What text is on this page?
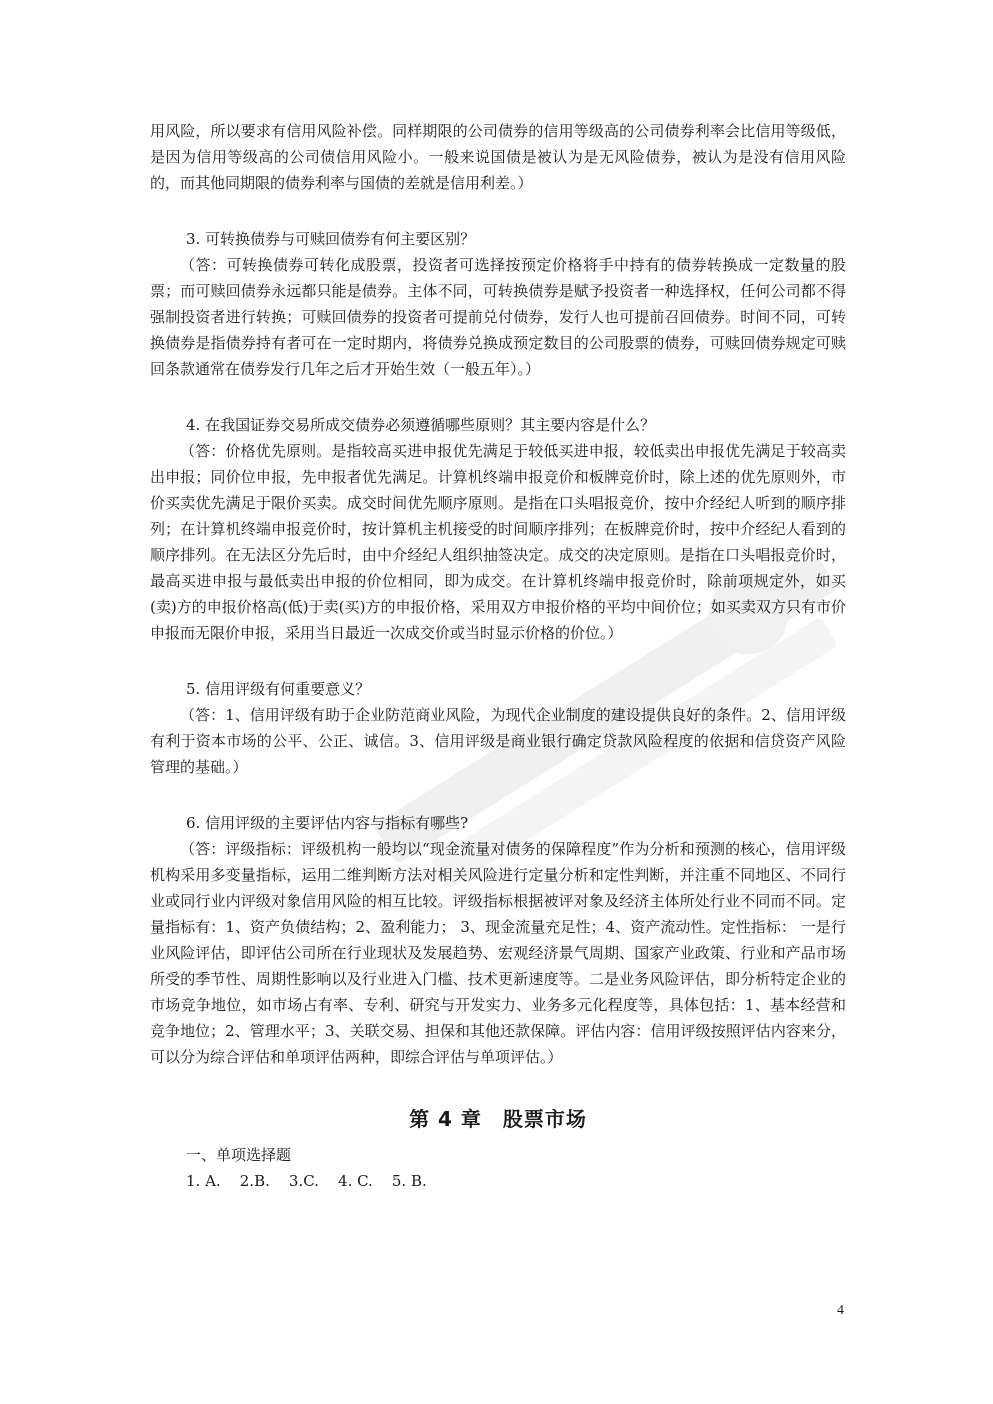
用风险，所以要求有信用风险补偿。同样期限的公司债券的信用等级高的公司债券利率会比信用等级低，是因为信用等级高的公司债信用风险小。一般来说国债是被认为是无风险债券，被认为是没有信用风险的，而其他同期限的债券利率与国债的差就是信用利差。）

3. 可转换债券与可赎回债券有何主要区别？

（答：可转换债券可转化成股票，投资者可选择按预定价格将手中持有的债券转换成一定数量的股票；而可赎回债券永远都只能是债券。主体不同，可转换债券是赋予投资者一种选择权，任何公司都不得强制投资者进行转换；可赎回债券的投资者可提前兑付债券，发行人也可提前召回债券。时间不同，可转换债券是指债券持有者可在一定时期内，将债券兑换成预定数目的公司股票的债券，可赎回债券规定可赎回条款通常在债券发行几年之后才开始生效（一般五年）。）

4. 在我国证券交易所成交债券必须遵循哪些原则？其主要内容是什么？

（答：价格优先原则。是指较高买进申报优先满足于较低买进申报，较低卖出申报优先满足于较高卖出申报；同价位申报，先申报者优先满足。计算机终端申报竞价和板牌竞价时，除上述的优先原则外，市价买卖优先满足于限价买卖。成交时间优先顺序原则。是指在口头唱报竞价，按中介经纪人听到的顺序排列；在计算机终端申报竞价时，按计算机主机接受的时间顺序排列；在板牌竞价时，按中介经纪人看到的顺序排列。在无法区分先后时，由中介经纪人组织抽签决定。成交的决定原则。是指在口头唱报竞价时，最高买进申报与最低卖出申报的价位相同，即为成交。在计算机终端申报竞价时，除前项规定外，如买(卖)方的申报价格高(低)于卖(买)方的申报价格，采用双方申报价格的平均中间价位；如买卖双方只有市价申报而无限价申报，采用当日最近一次成交价或当时显示价格的价位。）

5. 信用评级有何重要意义？

（答：1、信用评级有助于企业防范商业风险，为现代企业制度的建设提供良好的条件。2、信用评级有利于资本市场的公平、公正、诚信。3、信用评级是商业银行确定贷款风险程度的依据和信贷资产风险管理的基础。）

6. 信用评级的主要评估内容与指标有哪些?

（答：评级指标：评级机构一般均以“现金流量对债务的保障程度”作为分析和预测的核心，信用评级机构采用多变量指标，运用二维判断方法对相关风险进行定量分析和定性判断，并注重不同地区、不同行业或同行业内评级对象信用风险的相互比较。评级指标根据被评对象及经济主体所处行业不同而不同。定量指标有：1、资产负债结构；2、盈利能力； 3、现金流量充足性；4、资产流动性。定性指标： 一是行业风险评估，即评估公司所在行业现状及发展趋势、宏观经济景气周期、国家产业政策、行业和产品市场所受的季节性、周期性影响以及行业进入门槛、技术更新速度等。二是业务风险评估，即分析特定企业的市场竞争地位，如市场占有率、专利、研究与开发实力、业务多元化程度等，具体包括：1、基本经营和竞争地位；2、管理水平；3、关联交易、担保和其他还款保障。评估内容：信用评级按照评估内容来分，可以分为综合评估和单项评估两种，即综合评估与单项评估。）

第 4 章　股票市场

一、单项选择题

1. A.    2.B.    3.C.    4. C.    5. B.

4
